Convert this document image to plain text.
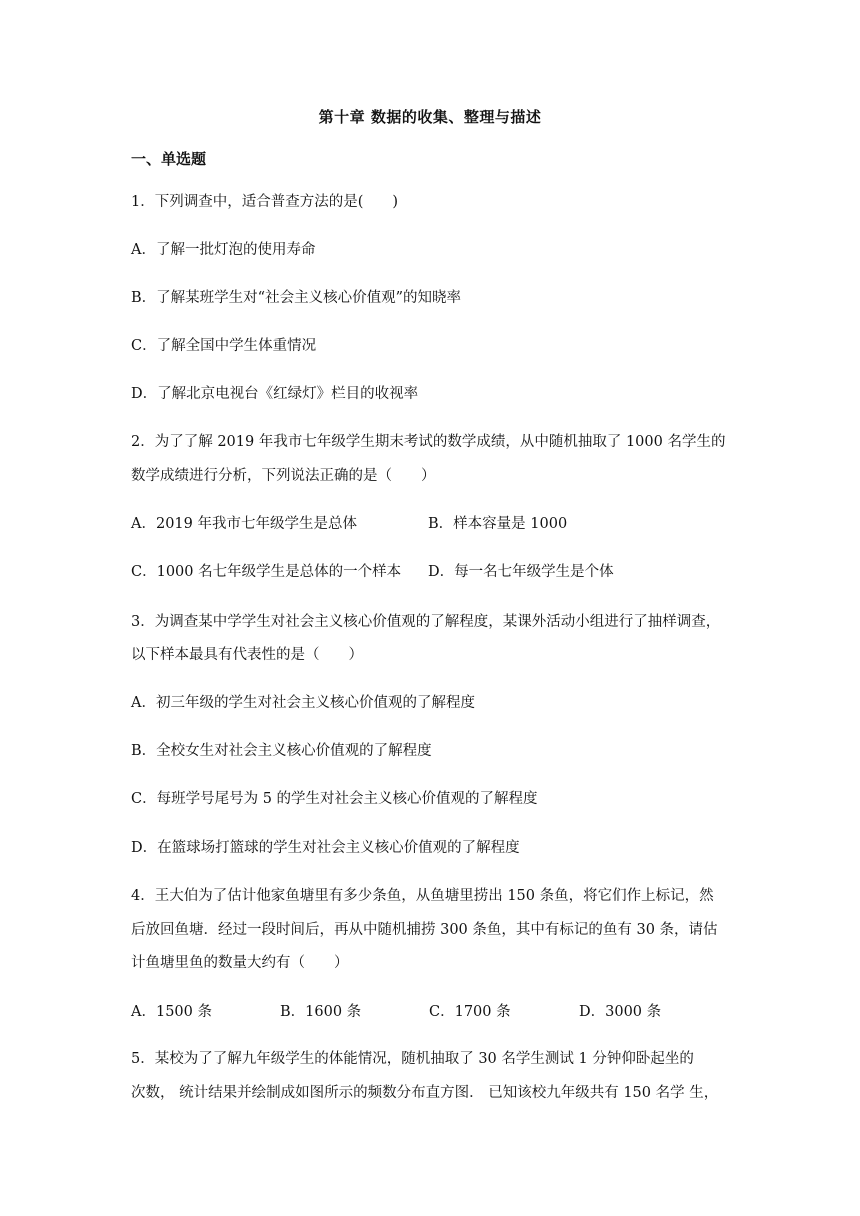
第十章 数据的收集、整理与描述
一、单选题
1．下列调查中，适合普查方法的是(　　)
A．了解一批灯泡的使用寿命
B．了解某班学生对“社会主义核心价值观”的知晓率
C．了解全国中学生体重情况
D．了解北京电视台《红绿灯》栏目的收视率
2．为了了解 2019 年我市七年级学生期末考试的数学成绩，从中随机抽取了 1000 名学生的
数学成绩进行分析，下列说法正确的是（　　）
A．2019 年我市七年级学生是总体	B．样本容量是 1000
C．1000 名七年级学生是总体的一个样本 D．每一名七年级学生是个体
3．为调查某中学学生对社会主义核心价值观的了解程度，某课外活动小组进行了抽样调查，
以下样本最具有代表性的是（　　）
A．初三年级的学生对社会主义核心价值观的了解程度
B．全校女生对社会主义核心价值观的了解程度
C．每班学号尾号为 5 的学生对社会主义核心价值观的了解程度
D．在篮球场打篮球的学生对社会主义核心价值观的了解程度
4．王大伯为了估计他家鱼塘里有多少条鱼，从鱼塘里捞出 150 条鱼，将它们作上标记，然
后放回鱼塘．经过一段时间后，再从中随机捕捞 300 条鱼，其中有标记的鱼有 30 条，请估
计鱼塘里鱼的数量大约有（　　）
A．1500 条	B．1600 条	C．1700 条	D．3000 条
5．某校为了了解九年级学生的体能情况，随机抽取了 30 名学生测试 1 分钟仰卧起坐的
次数， 统计结果并绘制成如图所示的频数分布直方图． 已知该校九年级共有 150 名学 生，
